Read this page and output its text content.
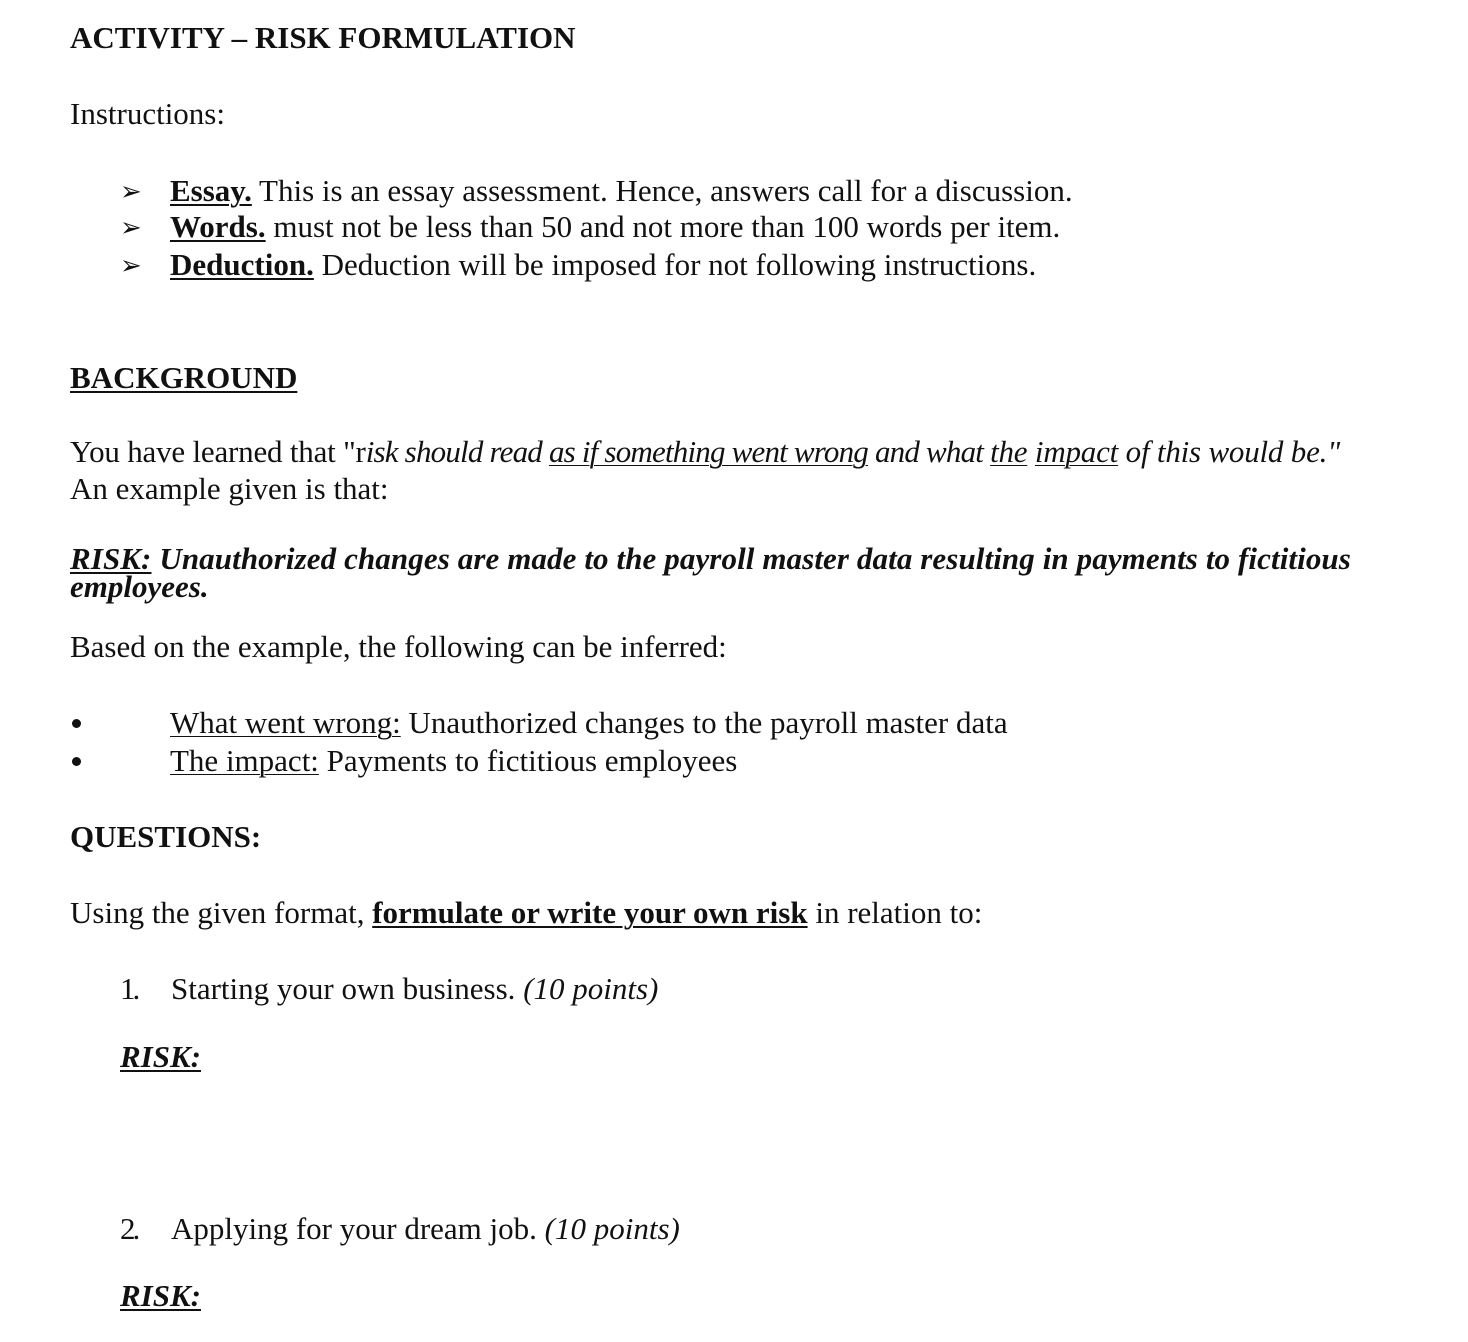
ACTIVITY – RISK FORMULATION
Instructions:
➢ Essay. This is an essay assessment. Hence, answers call for a discussion.
➢ Words. must not be less than 50 and not more than 100 words per item.
➢ Deduction. Deduction will be imposed for not following instructions.
BACKGROUND
You have learned that "risk should read as if something went wrong and what the impact of this would be."
An example given is that:
RISK: Unauthorized changes are made to the payroll master data resulting in payments to fictitious
employees.
Based on the example, the following can be inferred:
What went wrong: Unauthorized changes to the payroll master data
The impact: Payments to fictitious employees
QUESTIONS:
Using the given format, formulate or write your own risk in relation to:
1. Starting your own business. (10 points)
RISK:
2. Applying for your dream job. (10 points)
RISK:
